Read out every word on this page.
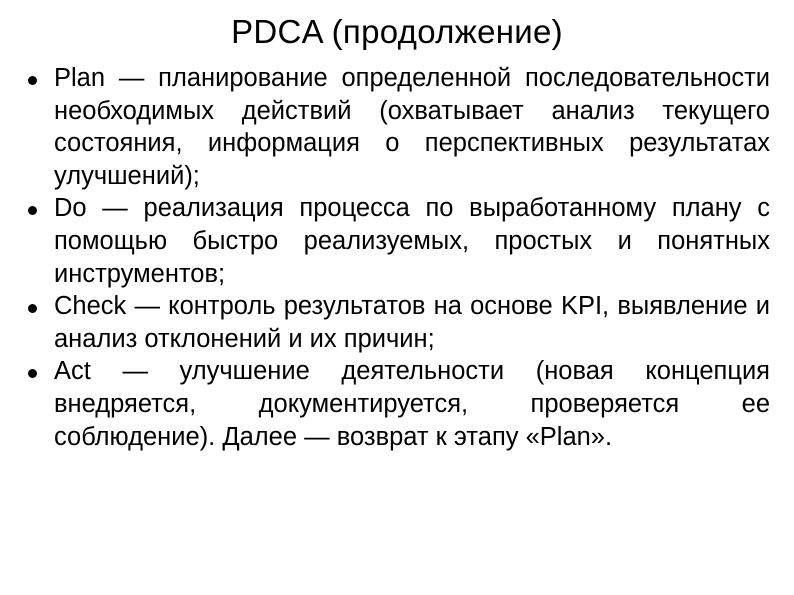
PDCA (продолжение)
Plan — планирование определенной последовательности необходимых действий (охватывает анализ текущего состояния, информация о перспективных результатах улучшений);
Do — реализация процесса по выработанному плану с помощью быстро реализуемых, простых и понятных инструментов;
Check — контроль результатов на основе KPI, выявление и анализ отклонений и их причин;
Act — улучшение деятельности (новая концепция внедряется, документируется, проверяется ее соблюдение). Далее — возврат к этапу «Plan».
